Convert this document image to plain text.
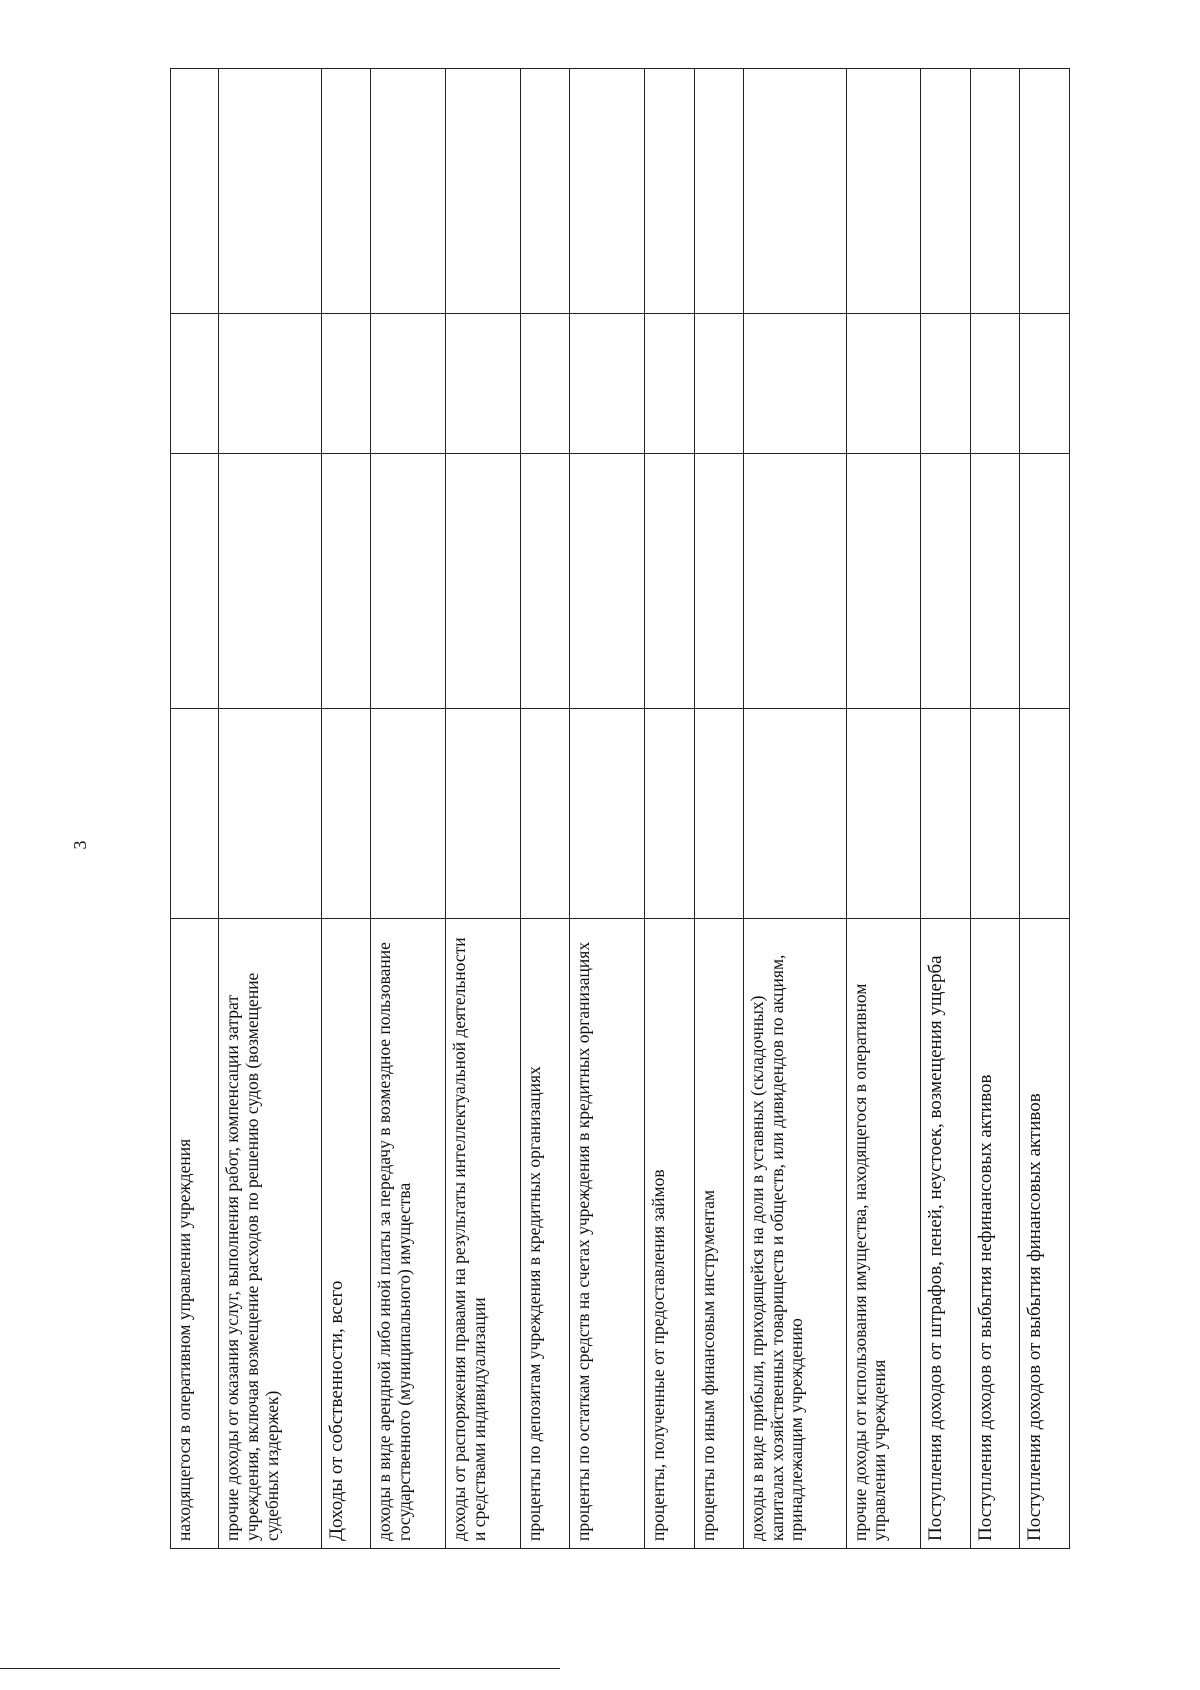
3
находящегося в оперативном управлении учреждения				
прочие доходы от оказания услуг, выполнения работ, компенсации затрат учреждения, включая возмещение расходов по решению судов (возмещение судебных издержек)				
Доходы от собственности, всего				
доходы в виде арендной либо иной платы за передачу в возмездное пользование государственного (муниципального) имущества				
доходы от распоряжения правами на результаты интеллектуальной деятельности и средствами индивидуализации				
проценты по депозитам учреждения в кредитных организациях				
проценты по остаткам средств на счетах учреждения в кредитных организациях				
проценты, полученные от предоставления займов				
проценты по иным финансовым инструментам				
доходы в виде прибыли, приходящейся на доли в уставных (складочных) капиталах хозяйственных товариществ и обществ, или дивидендов по акциям, принадлежащим учреждению				
прочие доходы от использования имущества, находящегося в оперативном управлении учреждения				
Поступления доходов от штрафов, пеней, неустоек, возмещения ущерба				
Поступления доходов от выбытия нефинансовых активов				
Поступления доходов от выбытия финансовых активов				
